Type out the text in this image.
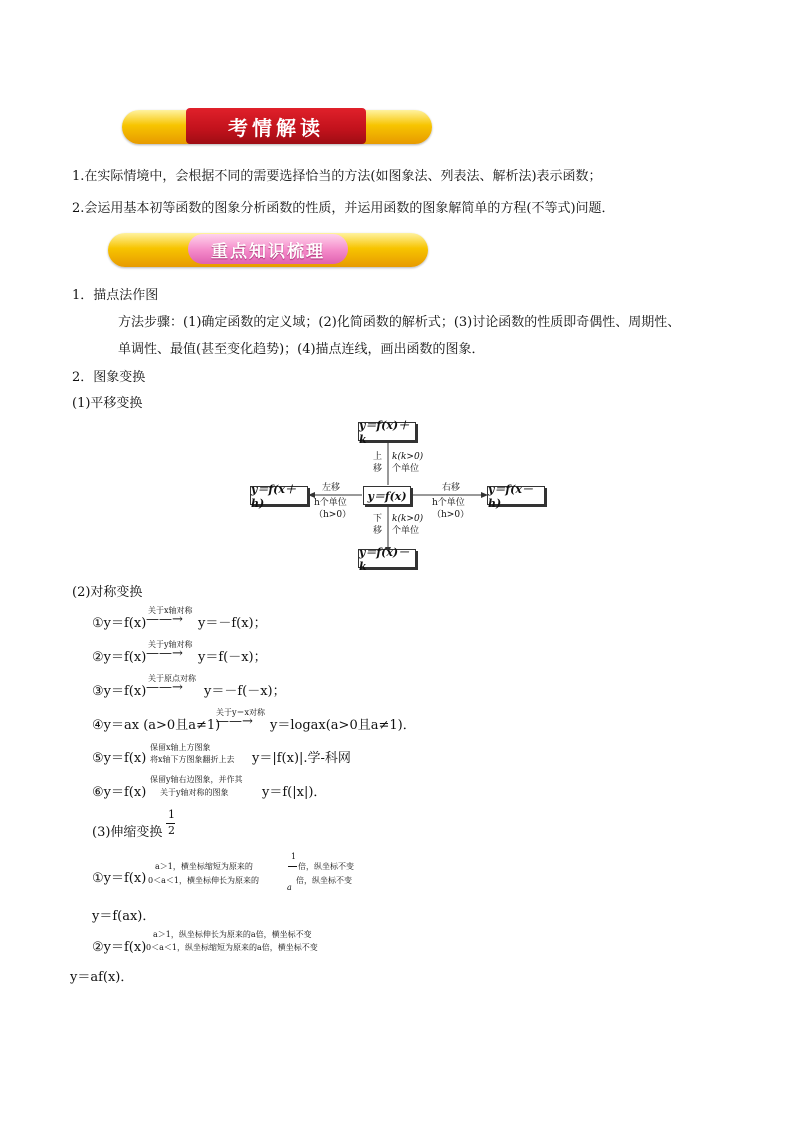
考情解读
1.在实际情境中，会根据不同的需要选择恰当的方法(如图象法、列表法、解析法)表示函数；
2.会运用基本初等函数的图象分析函数的性质，并运用函数的图象解简单的方程(不等式)问题．
重点知识梳理
1．描点法作图
方法步骤：(1)确定函数的定义域；(2)化简函数的解析式；(3)讨论函数的性质即奇偶性、周期性、
单调性、最值(甚至变化趋势)；(4)描点连线，画出函数的图象．
2．图象变换
(1)平移变换
y＝f(x)
y＝f(x)＋k
y＝f(x)－k
y＝f(x＋h)
y＝f(x－h)
上
移
k(k>0)
个单位
下
移
k(k>0)
个单位
左移
h个单位
（h>0）
右移
h个单位
（h>0）
(2)对称变换
①y＝f(x)
关于x轴对称
——→ y＝－f(x)；
②y＝f(x)
关于y轴对称
——→ y＝f(－x)；
③y＝f(x)
关于原点对称
——→ y＝－f(－x)；
④y＝ax (a>0且a≠1)
关于y＝x对称
——→ y＝logax(a>0且a≠1)．
⑤y＝f(x)
保留x轴上方图象
将x轴下方图象翻折上去 y＝|f(x)|.学-科网
⑥y＝f(x)
保留y轴右边图象，并作其
关于y轴对称的图象	y＝f(|x|)．
(3)伸缩变换
1
2
①y＝f(x)
a＞1，横坐标缩短为原来的
1
倍，纵坐标不变
0＜a＜1，横坐标伸长为原来的
a
倍，纵坐标不变
y＝f(ax)．
②y＝f(x)
a＞1，纵坐标伸长为原来的a倍，横坐标不变
0＜a＜1，纵坐标缩短为原来的a倍，横坐标不变
y＝af(x)．
